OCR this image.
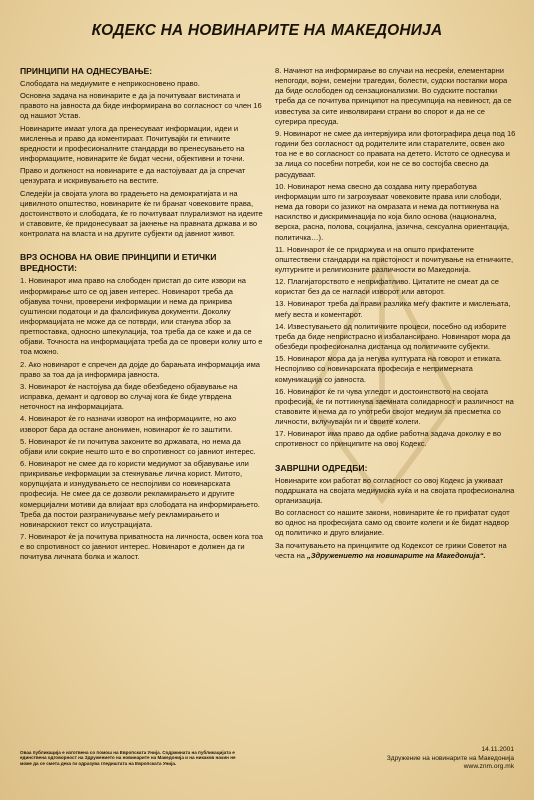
КОДЕКС НА НОВИНАРИТЕ НА МАКЕДОНИЈА
ПРИНЦИПИ НА ОДНЕСУВАЊЕ:
Слободата на медиумите е неприкосновено право.
Основна задача на новинарите е да ја почитуваат вистината и правото на јавноста да биде информирана во согласност со член 16 од нашиот Устав.
Новинарите имаат улога да пренесуваат информации, идеи и мисленња и право да коментираат. Почитувајќи ги етичките вредности и професионалните стандарди во пренесувањето на информациите, новинарите ќе бидат чесни, објективни и точни.
Право и должност на новинарите е да настојуваат да ја спречат цензурата и искривувањето на вестите.
Следејќи ја својата улога во градењето на демократијата и на цивилното општество, новинарите ќе ги бранат човековите права, достоинството и слободата, ќе го почитуваат плурализмот на идеите и ставовите, ќе придонесуваат за јакнење на правната држава и во контролата на власта и на другите субјекти од јавниот живот.
ВРЗ ОСНОВА НА ОВИЕ ПРИНЦИПИ И ЕТИЧКИ ВРЕДНОСТИ:
1. Новинарот има право на слободен пристап до сите извори на информирање што се од јавен интерес. Новинарот треба да објавува точни, проверени информации и нема да прикрива суштински податоци и да фалсификува документи. Доколку информацијата не може да се потврди, или станува збор за претпоставка, односно шпекулација, тоа треба да се каже и да се објави. Точноста на информацијата треба да се провери колку што е тоа можно.
2. Ако новинарот е спречен да дојде до барањата информација има право за тоа да ја информира јавноста.
3. Новинарот ќе настојува да биде обезбедено објавување на исправка, демант и одговор во случај кога ќе биде утврдена неточност на информацијата.
4. Новинарот ќе го назначи изворот на информациите, но ако изворот бара да остане анонимен, новинарот ќе го заштити.
5. Новинарот ќе ги почитува законите во државата, но нема да објави или сокрие нешто што е во спротивност со јавниот интерес.
6. Новинарот не смее да го користи медиумот за објавување или прикривање информации за стекнување лична корист. Митото, корупцијата и изнудувањето се неспојливи со новинарската професија. Не смее да се дозволи рекламирањето и другите комерцијални мотиви да влијаат врз слободата на информирањето. Треба да постои разграничување меѓу рекламирањето и новинарскиот текст со илустрацијата.
7. Новинарот ќе ја почитува приватноста на личноста, освен кога тоа е во спротивност со јавниот интерес. Новинарот е должен да ги почитува личната болка и жалост.
8. Начинот на информирање во случаи на несреќи, елементарни непогоди, војни, семејни трагедии, болести, судски постапки мора да биде ослободен од сензационализми. Во судските постапки треба да се почитува принципот на пресумпција на невиност, да се известува за сите инволвирани страни во спорот и да не се сугерира пресуда.
9. Новинарот не смее да интервјуира или фотографира деца под 16 години без согласност од родителите или старателите, освен ако тоа не е во согласност со правата на детето. Истото се однесува и за лица со посебни потреби, кои не се во состојба свесно да расудуваат.
10. Новинарот нема свесно да создава ниту преработува информации што ги загрозуваат човековите права или слободи, нема да говори со јазикот на омразата и нема да поттикнува на насилство и дискриминација по која било основа (национална, верска, расна, полова, социјална, јазична, сексуална ориентација, политичка…).
11. Новинарот ќе се придржува и на општо прифатените општествени стандарди на пристојност и почитување на етничките, културните и религиозните различности во Македонија.
12. Плагијаторството е неприфатливо. Цитатите не смеат да се користат без да се нагласи изворот или авторот.
13. Новинарот треба да прави разлика меѓу фактите и мислењата, меѓу веста и коментарот.
14. Известувањето од политичките процеси, посебно од изборите треба да биде непристрасно и избалансирано. Новинарот мора да обезбеди професионална дистанца од политичките субјекти.
15. Новинарот мора да ја негува културата на говорот и етиката. Неспојливо со новинарската професија е непримерната комуникација со јавноста.
16. Новинарот ќе ги чува угледот и достоинството на својата професија, ќе ги поттикнува заемната солидарност и различност на ставовите и нема да го употреби својот медиум за пресметка со личности, вклучувајќи ги и своите колеги.
17. Новинарот има право да одбие работна задача доколку е во спротивност со принципите на овој Кодекс.
ЗАВРШНИ ОДРЕДБИ:
Новинарите кои работат во согласност со овој Кодекс ја уживаат поддршката на својата медиумска куќа и на својата професионална организација.
Во согласност со нашите закони, новинарите ќе го прифатат судот во однос на професијата само од своите колеги и ќе бидат надвор од политичко и друго влијание.
За почитувањето на принципите од Кодексот се грижи Советот на честа на „Здружението на новинарите на Македонија“.
Оваа публикација е изготвена со помош на Европската Унија. Содржината на публикацијата е единствена одговорност на Здружението на новинарите на Македонија и на никаков начин не може да се смета дека ги одразува гледиштата на Европската Унија.
14.11.2001
Здружение на новинарите на Македонија
www.znm.org.mk
